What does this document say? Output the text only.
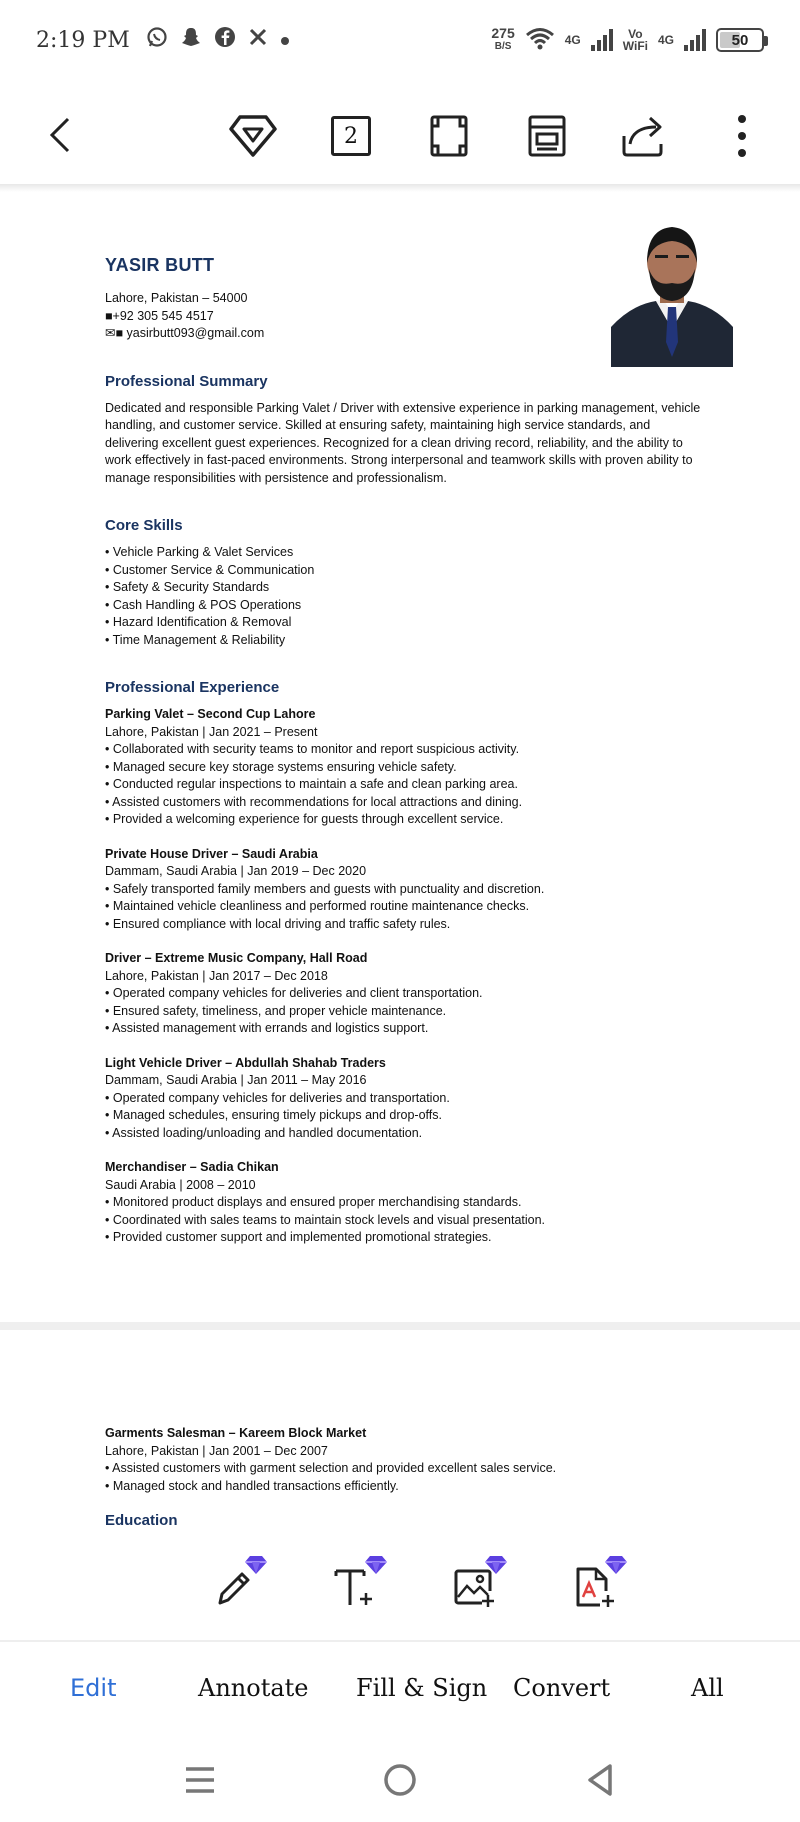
2:19 PM	275
B/S	4G	Vo
WiFi 4G	50
2
YASIR BUTT
Lahore, Pakistan – 54000
■+92 305 545 4517
✉■ yasirbutt093@gmail.com
Professional Summary
Dedicated and responsible Parking Valet / Driver with extensive experience in parking management, vehicle handling, and customer service. Skilled at ensuring safety, maintaining high service standards, and delivering excellent guest experiences. Recognized for a clean driving record, reliability, and the ability to work effectively in fast-paced environments. Strong interpersonal and teamwork skills with proven ability to manage responsibilities with persistence and professionalism.
Core Skills
• Vehicle Parking & Valet Services
• Customer Service & Communication
• Safety & Security Standards
• Cash Handling & POS Operations
• Hazard Identification & Removal
• Time Management & Reliability
Professional Experience
Parking Valet – Second Cup Lahore
Lahore, Pakistan | Jan 2021 – Present
• Collaborated with security teams to monitor and report suspicious activity.
• Managed secure key storage systems ensuring vehicle safety.
• Conducted regular inspections to maintain a safe and clean parking area.
• Assisted customers with recommendations for local attractions and dining.
• Provided a welcoming experience for guests through excellent service.
Private House Driver – Saudi Arabia
Dammam, Saudi Arabia | Jan 2019 – Dec 2020
• Safely transported family members and guests with punctuality and discretion.
• Maintained vehicle cleanliness and performed routine maintenance checks.
• Ensured compliance with local driving and traffic safety rules.
Driver – Extreme Music Company, Hall Road
Lahore, Pakistan | Jan 2017 – Dec 2018
• Operated company vehicles for deliveries and client transportation.
• Ensured safety, timeliness, and proper vehicle maintenance.
• Assisted management with errands and logistics support.
Light Vehicle Driver – Abdullah Shahab Traders
Dammam, Saudi Arabia | Jan 2011 – May 2016
• Operated company vehicles for deliveries and transportation.
• Managed schedules, ensuring timely pickups and drop-offs.
• Assisted loading/unloading and handled documentation.
Merchandiser – Sadia Chikan
Saudi Arabia | 2008 – 2010
• Monitored product displays and ensured proper merchandising standards.
• Coordinated with sales teams to maintain stock levels and visual presentation.
• Provided customer support and implemented promotional strategies.
Garments Salesman – Kareem Block Market
Lahore, Pakistan | Jan 2001 – Dec 2007
• Assisted customers with garment selection and provided excellent sales service.
• Managed stock and handled transactions efficiently.
Education
Edit	Annotate Fill & Sign Convert	All
